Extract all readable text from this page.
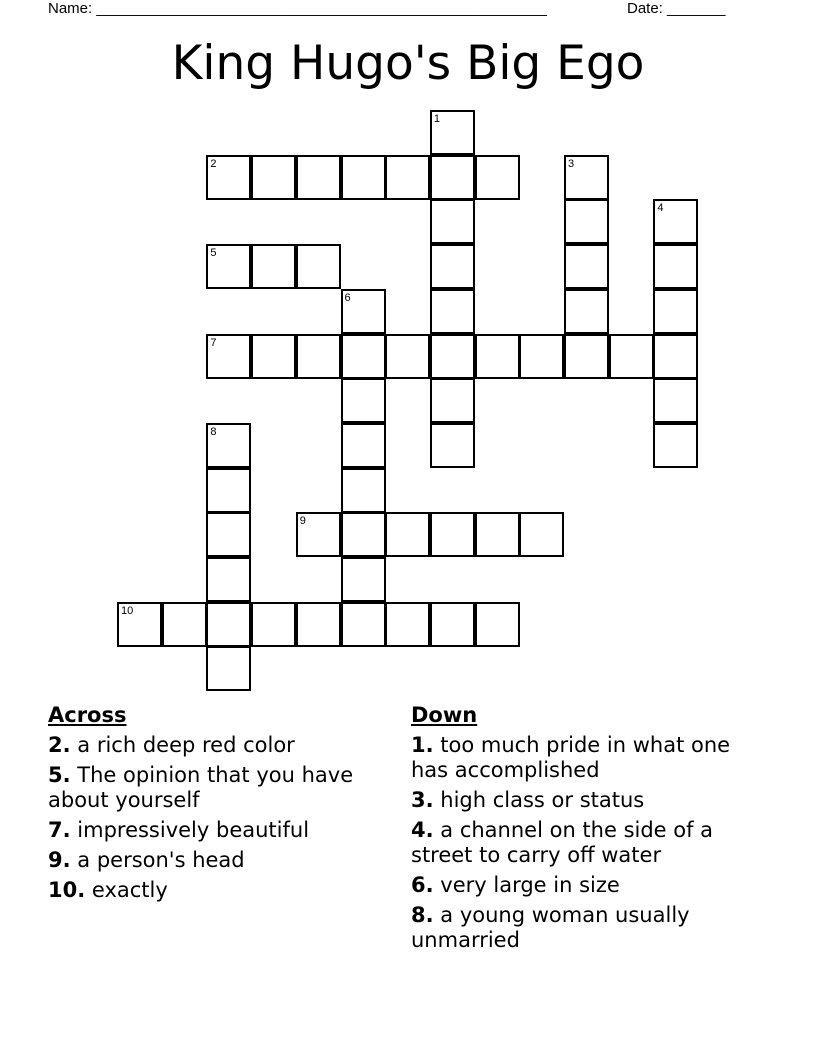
Name: ______________________________________________________	Date: _______
King Hugo's Big Ego
1
2	3
4
5
6
7
8
9
10
Across
2. a rich deep red color
5. The opinion that you have about yourself
7. impressively beautiful
9. a person's head
10. exactly
Down
1. too much pride in what one has accomplished
3. high class or status
4. a channel on the side of a street to carry off water
6. very large in size
8. a young woman usually unmarried
